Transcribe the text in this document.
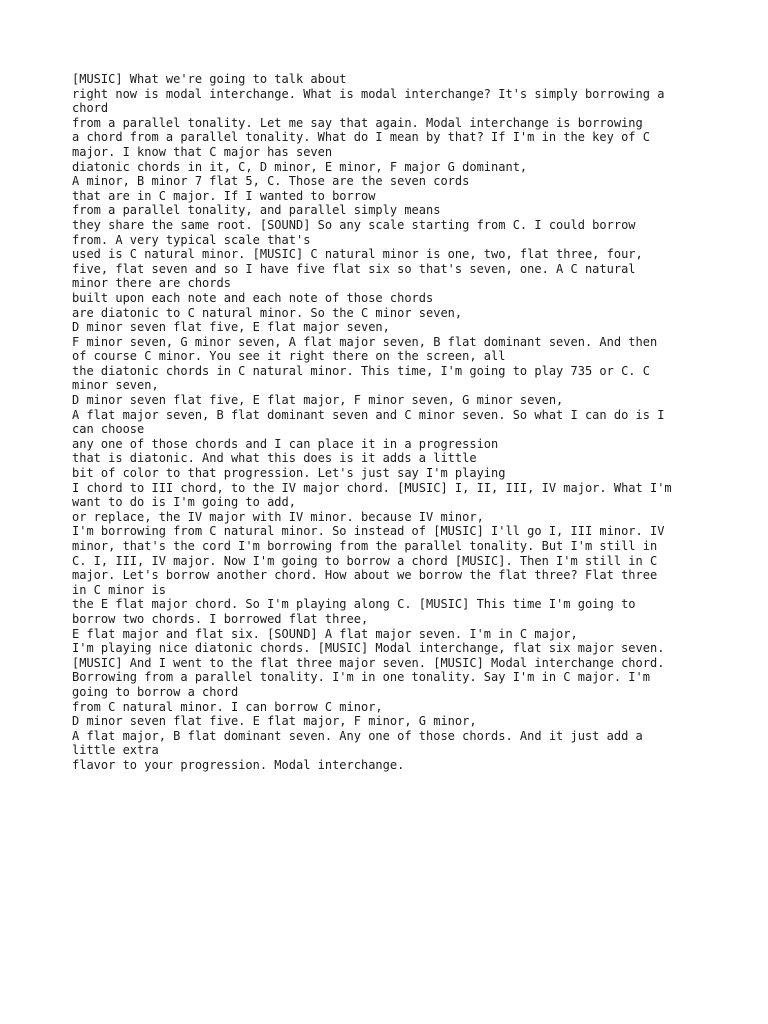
[MUSIC] What we're going to talk about
right now is modal interchange. What is modal interchange? It's simply borrowing a
chord
from a parallel tonality. Let me say that again. Modal interchange is borrowing
a chord from a parallel tonality. What do I mean by that? If I'm in the key of C
major. I know that C major has seven
diatonic chords in it, C, D minor, E minor, F major G dominant,
A minor, B minor 7 flat 5, C. Those are the seven cords
that are in C major. If I wanted to borrow
from a parallel tonality, and parallel simply means
they share the same root. [SOUND] So any scale starting from C. I could borrow
from. A very typical scale that's
used is C natural minor. [MUSIC] C natural minor is one, two, flat three, four,
five, flat seven and so I have five flat six so that's seven, one. A C natural
minor there are chords
built upon each note and each note of those chords
are diatonic to C natural minor. So the C minor seven,
D minor seven flat five, E flat major seven,
F minor seven, G minor seven, A flat major seven, B flat dominant seven. And then
of course C minor. You see it right there on the screen, all
the diatonic chords in C natural minor. This time, I'm going to play 735 or C. C
minor seven,
D minor seven flat five, E flat major, F minor seven, G minor seven,
A flat major seven, B flat dominant seven and C minor seven. So what I can do is I
can choose
any one of those chords and I can place it in a progression
that is diatonic. And what this does is it adds a little
bit of color to that progression. Let's just say I'm playing
I chord to III chord, to the IV major chord. [MUSIC] I, II, III, IV major. What I'm
want to do is I'm going to add,
or replace, the IV major with IV minor. because IV minor,
I'm borrowing from C natural minor. So instead of [MUSIC] I'll go I, III minor. IV
minor, that's the cord I'm borrowing from the parallel tonality. But I'm still in
C. I, III, IV major. Now I'm going to borrow a chord [MUSIC]. Then I'm still in C
major. Let's borrow another chord. How about we borrow the flat three? Flat three
in C minor is
the E flat major chord. So I'm playing along C. [MUSIC] This time I'm going to
borrow two chords. I borrowed flat three,
E flat major and flat six. [SOUND] A flat major seven. I'm in C major,
I'm playing nice diatonic chords. [MUSIC] Modal interchange, flat six major seven.
[MUSIC] And I went to the flat three major seven. [MUSIC] Modal interchange chord.
Borrowing from a parallel tonality. I'm in one tonality. Say I'm in C major. I'm
going to borrow a chord
from C natural minor. I can borrow C minor,
D minor seven flat five. E flat major, F minor, G minor,
A flat major, B flat dominant seven. Any one of those chords. And it just add a
little extra
flavor to your progression. Modal interchange.
